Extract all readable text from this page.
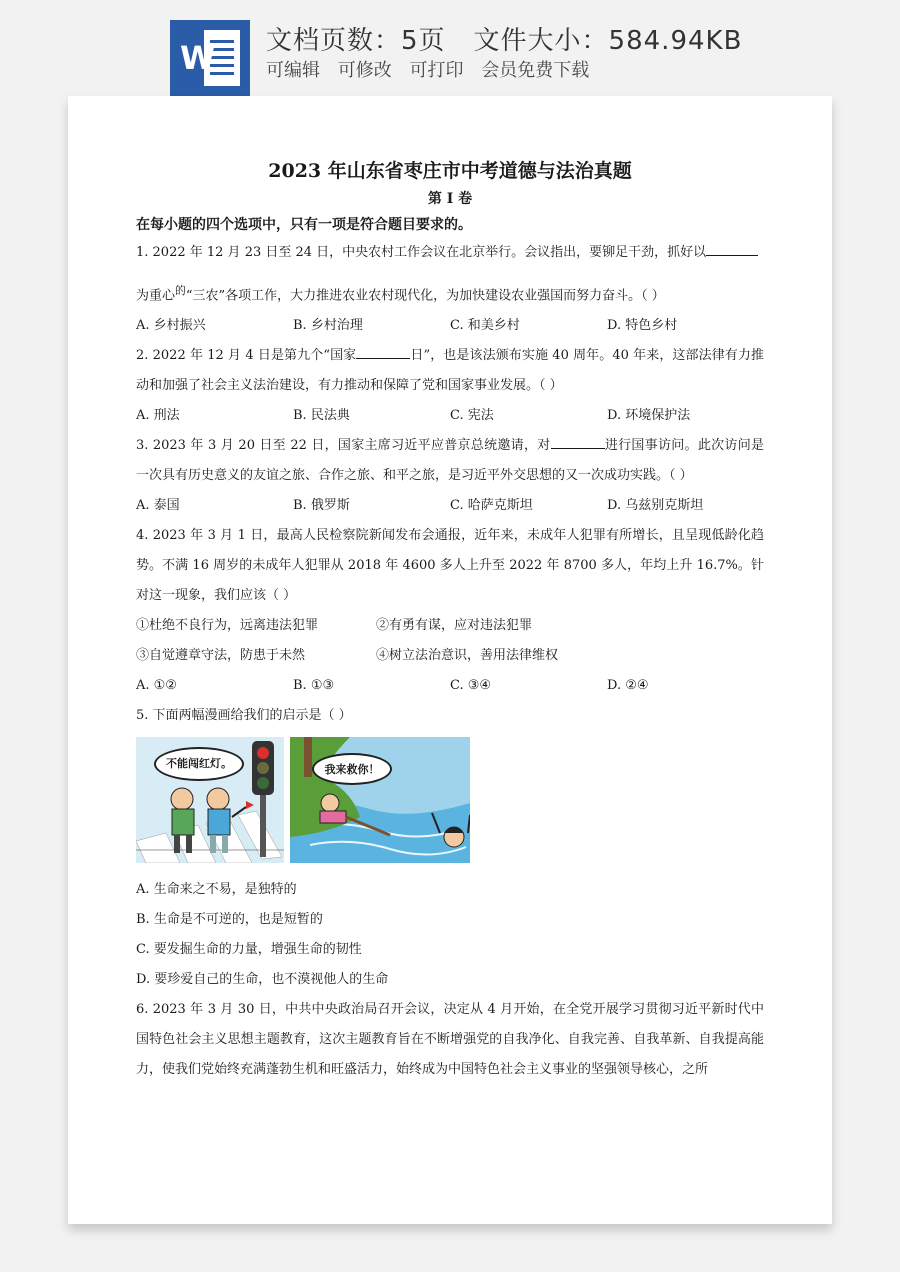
W 文档页数：5页 文件大小：584.94KB

可编辑 可修改 可打印 会员免费下载

2023 年山东省枣庄市中考道德与法治真题

第 I 卷

在每小题的四个选项中，只有一项是符合题目要求的。

1. 2022 年 12 月 23 日至 24 日，中央农村工作会议在北京举行。会议指出，要铆足干劲，抓好以

为重心$^的$“三农”各项工作，大力推进农业农村现代化，为加快建设农业强国而努力奋斗。（ ）

A. 乡村振兴	B. 乡村治理	C. 和美乡村	D. 特色乡村

2. 2022 年 12 月 4 日是第九个“国家	日”，也是该法颁布实施 40 周年。40 年来，这部法律有力推动和加强了社会主义法治建设，有力推动和保障了党和国家事业发展。（ ）

A. 刑法	B. 民法典	C. 宪法	D. 环境保护法

3. 2023 年 3 月 20 日至 22 日，国家主席习近平应普京总统邀请，对	进行国事访问。此次访问是一次具有历史意义的友谊之旅、合作之旅、和平之旅，是习近平外交思想的又一次成功实践。（ ）

A. 泰国	B. 俄罗斯	C. 哈萨克斯坦	D. 乌兹别克斯坦

4. 2023 年 3 月 1 日，最高人民检察院新闻发布会通报，近年来，未成年人犯罪有所增长，且呈现低龄化趋势。不满 16 周岁的未成年人犯罪从 2018 年 4600 多人上升至 2022 年 8700 多人，年均上升 16.7%。针对这一现象，我们应该（ ）

①杜绝不良行为，远离违法犯罪	②有勇有谋，应对违法犯罪
③自觉遵章守法，防患于未然	④树立法治意识，善用法律维权
A. ①②	B. ①③	C. ③④	D. ②④

5. 下面两幅漫画给我们的启示是（ ）

不能闯红灯。	我来救你！

A. 生命来之不易，是独特的

B. 生命是不可逆的，也是短暂的

C. 要发掘生命的力量，增强生命的韧性

D. 要珍爱自己的生命，也不漠视他人的生命

6. 2023 年 3 月 30 日，中共中央政治局召开会议，决定从 4 月开始，在全党开展学习贯彻习近平新时代中国特色社会主义思想主题教育，这次主题教育旨在不断增强党的自我净化、自我完善、自我革新、自我提高能力，使我们党始终充满蓬勃生机和旺盛活力，始终成为中国特色社会主义事业的坚强领导核心，之所
